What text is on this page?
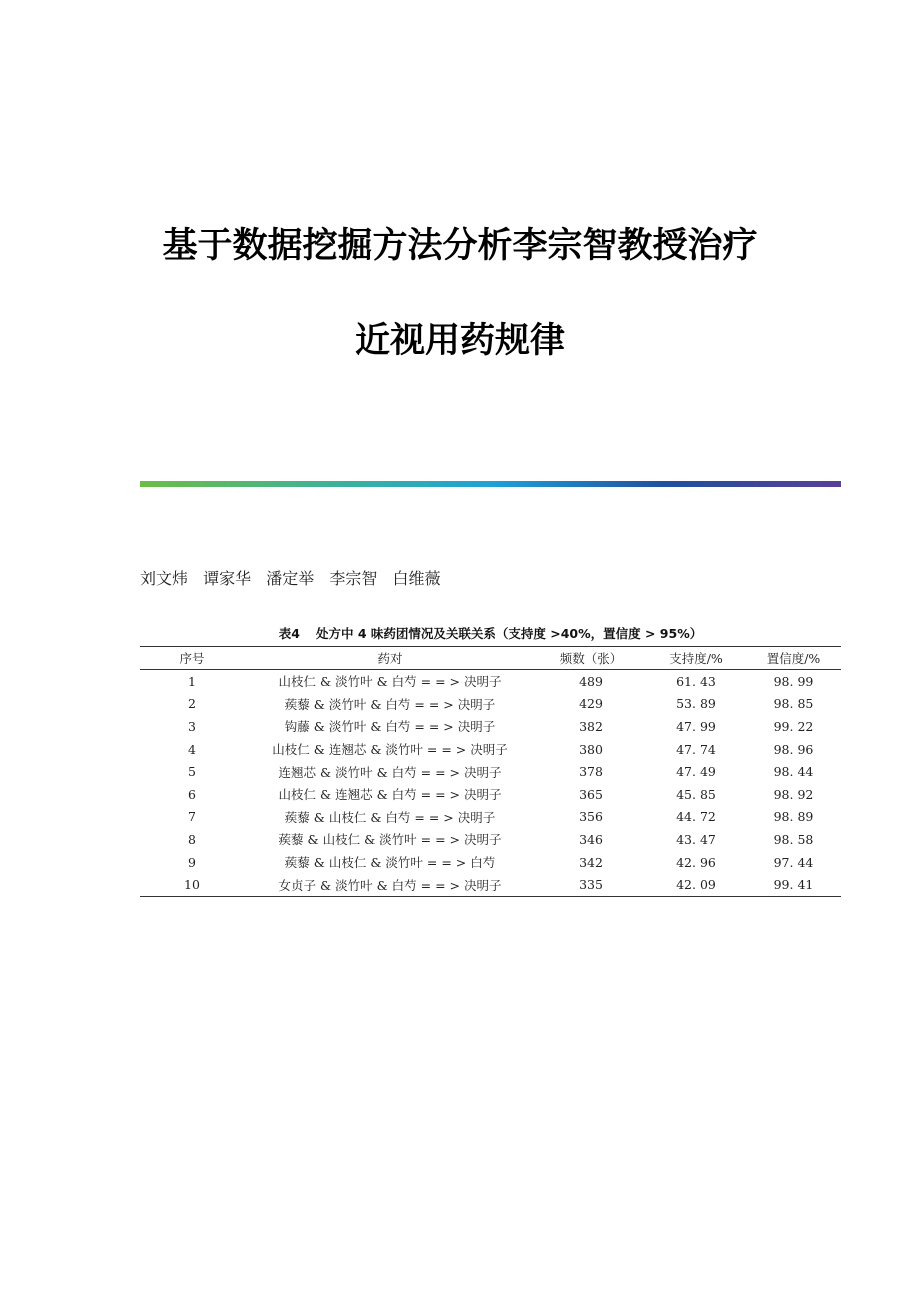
基于数据挖掘方法分析李宗智教授治疗
近视用药规律
刘文炜 谭家华 潘定举 李宗智 白维薇
表4 处方中 4 味药团情况及关联关系（支持度 >40%，置信度 > 95%）
序号	药对	频数（张）	支持度/%	置信度/%
1	山枝仁 & 淡竹叶 & 白芍 = = > 决明子	489	61. 43	98. 99
2	蒺藜 & 淡竹叶 & 白芍 = = > 决明子	429	53. 89	98. 85
3	钩藤 & 淡竹叶 & 白芍 = = > 决明子	382	47. 99	99. 22
4	山枝仁 & 连翘芯 & 淡竹叶 = = > 决明子	380	47. 74	98. 96
5	连翘芯 & 淡竹叶 & 白芍 = = > 决明子	378	47. 49	98. 44
6	山枝仁 & 连翘芯 & 白芍 = = > 决明子	365	45. 85	98. 92
7	蒺藜 & 山枝仁 & 白芍 = = > 决明子	356	44. 72	98. 89
8	蒺藜 & 山枝仁 & 淡竹叶 = = > 决明子	346	43. 47	98. 58
9	蒺藜 & 山枝仁 & 淡竹叶 = = > 白芍	342	42. 96	97. 44
10	女贞子 & 淡竹叶 & 白芍 = = > 决明子	335	42. 09	99. 41
